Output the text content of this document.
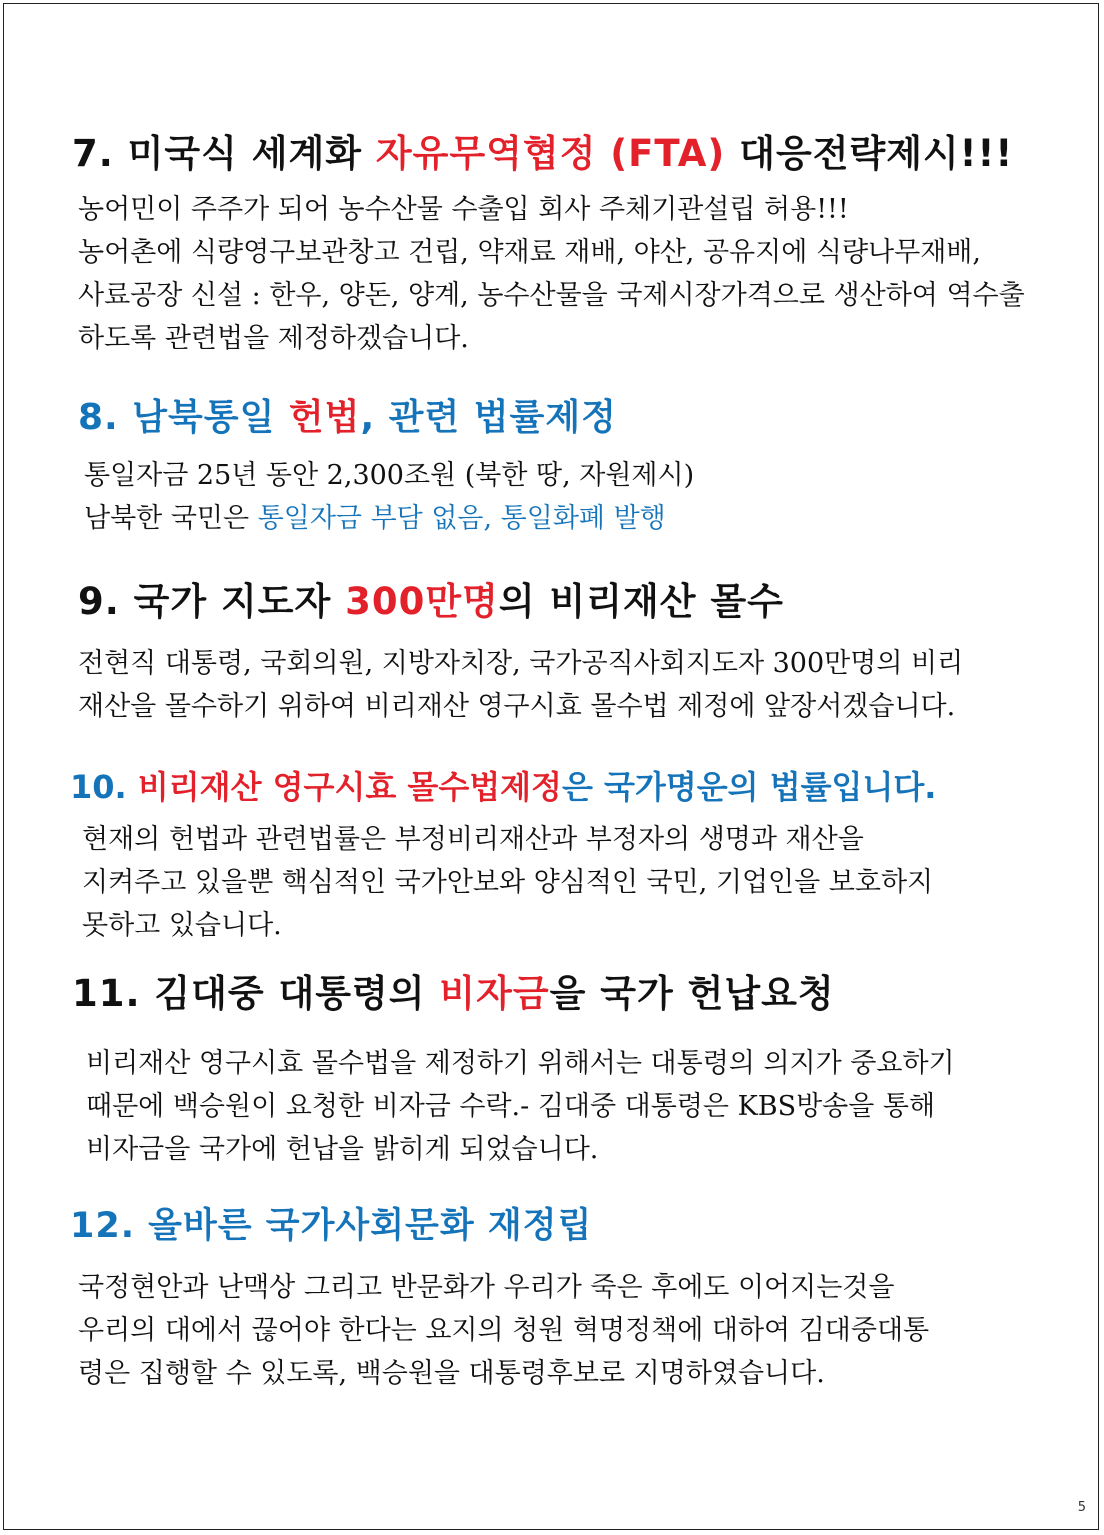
7. 미국식 세계화 자유무역협정 (FTA) 대응전략제시!!!
농어민이 주주가 되어 농수산물 수출입 회사 주체기관설립 허용!!!
농어촌에 식량영구보관창고 건립, 약재료 재배, 야산, 공유지에 식량나무재배,
사료공장 신설 : 한우, 양돈, 양계, 농수산물을 국제시장가격으로 생산하여 역수출
하도록 관련법을 제정하겠습니다.
8. 남북통일 헌법, 관련 법률제정
통일자금 25년 동안 2,300조원 (북한 땅, 자원제시)
남북한 국민은 통일자금 부담 없음, 통일화폐 발행
9. 국가 지도자 300만명의 비리재산 몰수
전현직 대통령, 국회의원, 지방자치장, 국가공직사회지도자 300만명의 비리
재산을 몰수하기 위하여 비리재산 영구시효 몰수법 제정에 앞장서겠습니다.
10. 비리재산 영구시효 몰수법제정은 국가명운의 법률입니다.
현재의 헌법과 관련법률은 부정비리재산과 부정자의 생명과 재산을
지켜주고 있을뿐 핵심적인 국가안보와 양심적인 국민, 기업인을 보호하지
못하고 있습니다.
11. 김대중 대통령의 비자금을 국가 헌납요청
비리재산 영구시효 몰수법을 제정하기 위해서는 대통령의 의지가 중요하기
때문에 백승원이 요청한 비자금 수락.- 김대중 대통령은 KBS방송을 통해
비자금을 국가에 헌납을 밝히게 되었습니다.
12. 올바른 국가사회문화 재정립
국정현안과 난맥상 그리고 반문화가 우리가 죽은 후에도 이어지는것을
우리의 대에서 끊어야 한다는 요지의 청원 혁명정책에 대하여 김대중대통
령은 집행할 수 있도록, 백승원을 대통령후보로 지명하였습니다.
5
